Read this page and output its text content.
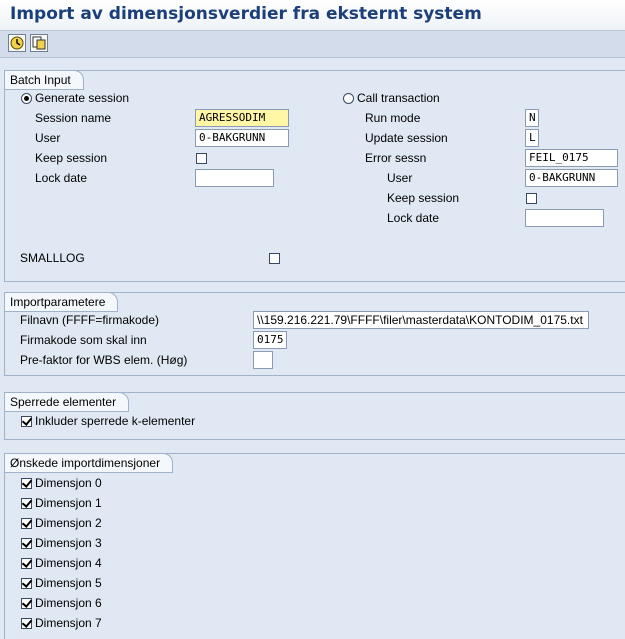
Import av dimensjonsverdier fra eksternt system
Batch Input
Generate session
Session name	AGRESSODIM
User	0-BAKGRUNN
Keep session
Lock date
Call transaction
Run mode	N
Update session	L
Error sessn	FEIL_0175
User	0-BAKGRUNN
Keep session
Lock date
SMALLLOG
Importparametere
Filnavn (FFFF=firmakode)	\\159.216.221.79\FFFF\filer\masterdata\KONTODIM_0175.txt
Firmakode som skal inn	0175
Pre-faktor for WBS elem. (Høg)
Sperrede elementer
Inkluder sperrede k-elementer
Ønskede importdimensjoner
Dimensjon 0
Dimensjon 1
Dimensjon 2
Dimensjon 3
Dimensjon 4
Dimensjon 5
Dimensjon 6
Dimensjon 7
